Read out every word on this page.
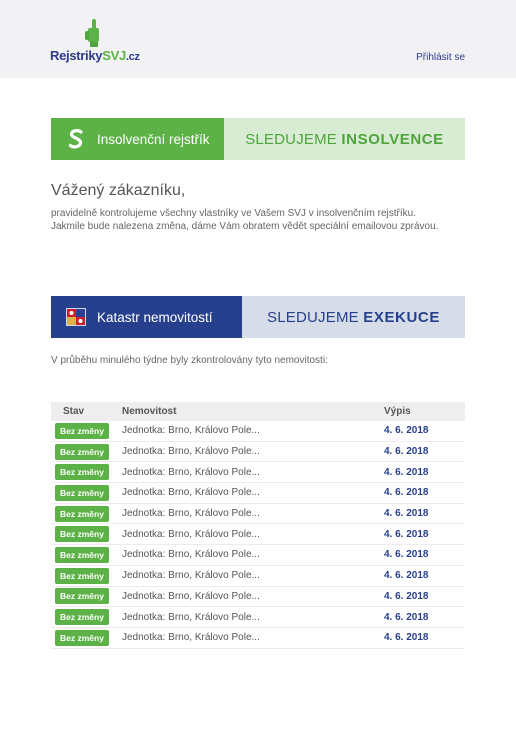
RejstrikySVJ.cz	Přihlásit se
Insolvenční rejstřík SLEDUJEME INSOLVENCE
Vážený zákazníku,
pravidelně kontrolujeme všechny vlastníky ve Vašem SVJ v insolvenčním rejstříku.
Jakmile bude nalezena změna, dáme Vám obratem vědět speciální emailovou zprávou.
Katastr nemovitostí	SLEDUJEME EXEKUCE
V průběhu minulého týdne byly zkontrolovány tyto nemovitosti:
Stav	Nemovitost	Výpis
Bez změny	Jednotka: Brno, Královo Pole...	4. 6. 2018
Bez změny	Jednotka: Brno, Královo Pole...	4. 6. 2018
Bez změny	Jednotka: Brno, Královo Pole...	4. 6. 2018
Bez změny	Jednotka: Brno, Královo Pole...	4. 6. 2018
Bez změny	Jednotka: Brno, Královo Pole...	4. 6. 2018
Bez změny	Jednotka: Brno, Královo Pole...	4. 6. 2018
Bez změny	Jednotka: Brno, Královo Pole...	4. 6. 2018
Bez změny	Jednotka: Brno, Královo Pole...	4. 6. 2018
Bez změny	Jednotka: Brno, Královo Pole...	4. 6. 2018
Bez změny	Jednotka: Brno, Královo Pole...	4. 6. 2018
Bez změny	Jednotka: Brno, Královo Pole...	4. 6. 2018
